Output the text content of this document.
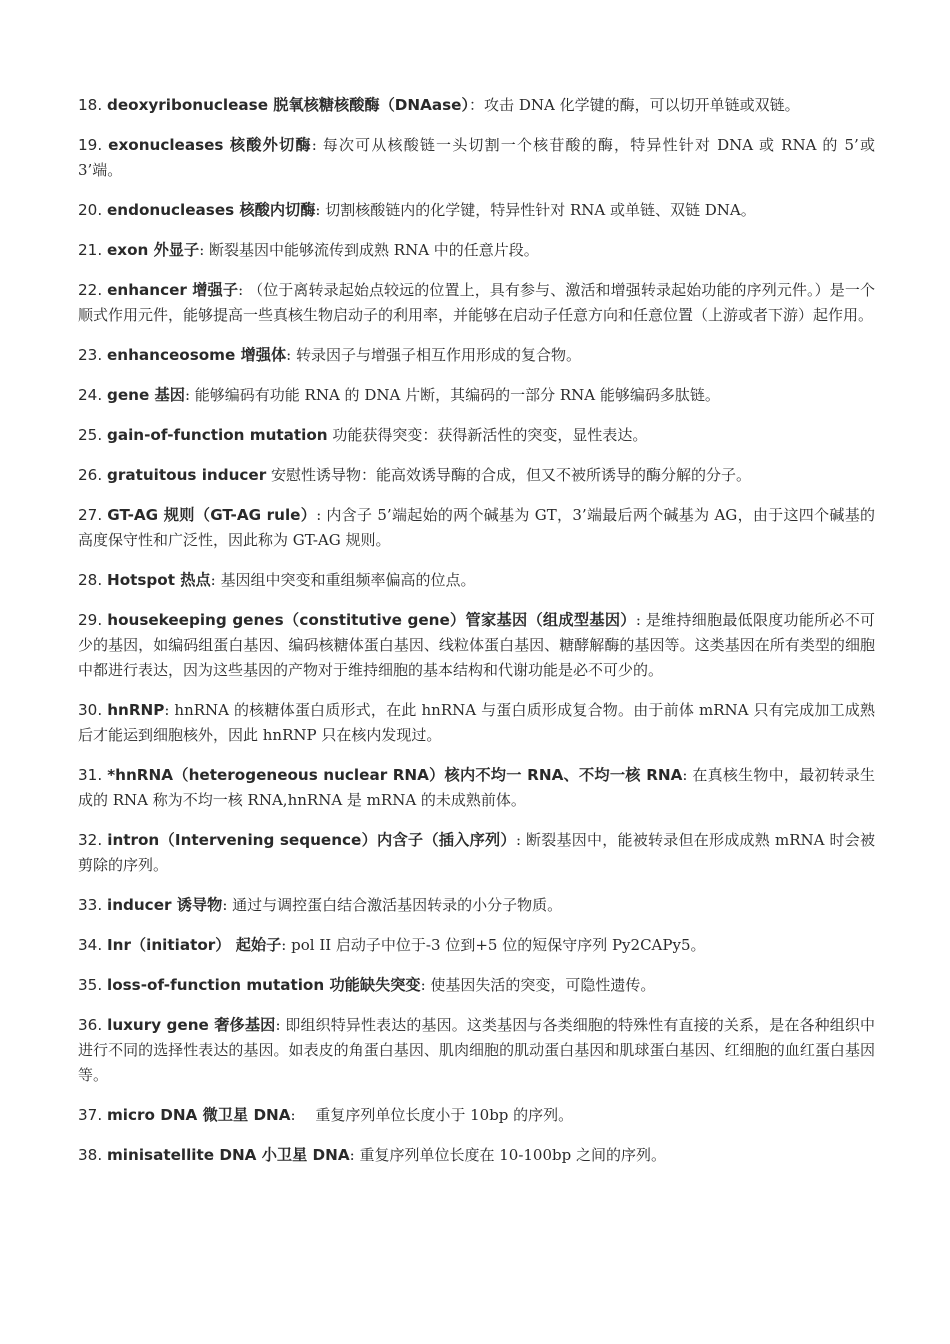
18. deoxyribonuclease 脱氧核糖核酸酶（DNAase）：攻击 DNA 化学键的酶，可以切开单链或双链。

19. exonucleases 核酸外切酶: 每次可从核酸链一头切割一个核苷酸的酶，特异性针对 DNA 或 RNA 的 5’或 3’端。

20. endonucleases 核酸内切酶: 切割核酸链内的化学键，特异性针对 RNA 或单链、双链 DNA。

21. exon 外显子: 断裂基因中能够流传到成熟 RNA 中的任意片段。

22. enhancer 增强子: （位于离转录起始点较远的位置上，具有参与、激活和增强转录起始功能的序列元件。）是一个顺式作用元件，能够提高一些真核生物启动子的利用率，并能够在启动子任意方向和任意位置（上游或者下游）起作用。

23. enhanceosome 增强体: 转录因子与增强子相互作用形成的复合物。

24. gene 基因: 能够编码有功能 RNA 的 DNA 片断，其编码的一部分 RNA 能够编码多肽链。

25. gain-of-function mutation 功能获得突变：获得新活性的突变，显性表达。

26. gratuitous inducer 安慰性诱导物：能高效诱导酶的合成，但又不被所诱导的酶分解的分子。

27. GT-AG 规则（GT-AG rule）: 内含子 5’端起始的两个碱基为 GT，3’端最后两个碱基为 AG，由于这四个碱基的高度保守性和广泛性，因此称为 GT-AG 规则。

28. Hotspot 热点: 基因组中突变和重组频率偏高的位点。

29. housekeeping genes（constitutive gene）管家基因（组成型基因）: 是维持细胞最低限度功能所必不可少的基因，如编码组蛋白基因、编码核糖体蛋白基因、线粒体蛋白基因、糖酵解酶的基因等。这类基因在所有类型的细胞中都进行表达，因为这些基因的产物对于维持细胞的基本结构和代谢功能是必不可少的。

30. hnRNP: hnRNA 的核糖体蛋白质形式，在此 hnRNA 与蛋白质形成复合物。由于前体 mRNA 只有完成加工成熟后才能运到细胞核外，因此 hnRNP 只在核内发现过。

31. *hnRNA（heterogeneous nuclear RNA）核内不均一 RNA、不均一核 RNA: 在真核生物中，最初转录生成的 RNA 称为不均一核 RNA,hnRNA 是 mRNA 的未成熟前体。

32. intron（Intervening sequence）内含子（插入序列）: 断裂基因中，能被转录但在形成成熟 mRNA 时会被剪除的序列。

33. inducer 诱导物: 通过与调控蛋白结合激活基因转录的小分子物质。

34. Inr（initiator） 起始子: pol II 启动子中位于-3 位到+5 位的短保守序列 Py2CAPy5。

35. loss-of-function mutation 功能缺失突变: 使基因失活的突变，可隐性遗传。

36. luxury gene 奢侈基因: 即组织特异性表达的基因。这类基因与各类细胞的特殊性有直接的关系，是在各种组织中进行不同的选择性表达的基因。如表皮的角蛋白基因、肌肉细胞的肌动蛋白基因和肌球蛋白基因、红细胞的血红蛋白基因等。

37. micro DNA 微卫星 DNA: 　重复序列单位长度小于 10bp 的序列。

38. minisatellite DNA 小卫星 DNA: 重复序列单位长度在 10-100bp 之间的序列。
